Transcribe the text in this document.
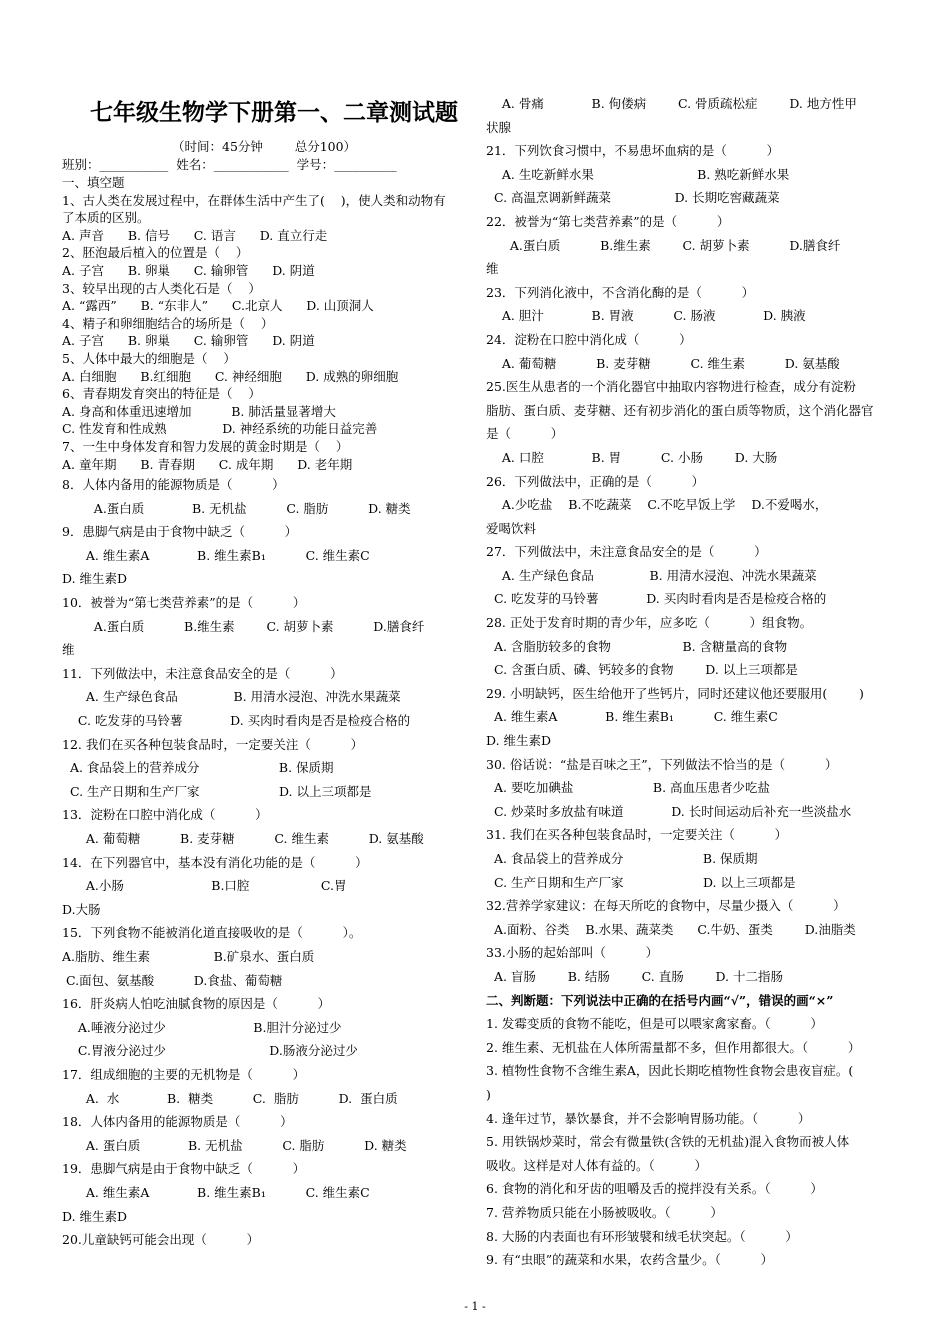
七年级生物学下册第一、二章测试题
（时间：45分钟        总分100）
班别：___________  姓名：____________  学号：__________
一、填空题
1、古人类在发展过程中，在群体生活中产生了(    )，使人类和动物有
了本质的区别。
A. 声音      B. 信号      C. 语言      D. 直立行走
2、胚泡最后植入的位置是（    ）
A. 子宫      B. 卵巢      C. 输卵管      D. 阴道
3、较早出现的古人类化石是（    ）
A. “露西”      B. “东非人”      C.北京人      D. 山顶洞人
4、精子和卵细胞结合的场所是（    ）
A. 子宫      B. 卵巢      C. 输卵管      D. 阴道
5、人体中最大的细胞是（    ）
A. 白细胞      B.红细胞      C. 神经细胞      D. 成熟的卵细胞
6、青春期发育突出的特征是（    ）
A. 身高和体重迅速增加          B. 肺活量显著增大
C. 性发育和性成熟              D. 神经系统的功能日益完善
7、一生中身体发育和智力发展的黄金时期是（    ）
A. 童年期      B. 青春期      C. 成年期      D. 老年期
8．人体内备用的能源物质是（          ）
A.蛋白质            B. 无机盐          C. 脂肪          D. 糖类
9．患脚气病是由于食物中缺乏（          ）
A. 维生素A            B. 维生素B₁          C. 维生素C
D. 维生素D
10．被誉为“第七类营养素”的是（          ）
A.蛋白质          B.维生素        C. 胡萝卜素          D.膳食纤
维
11．下列做法中，未注意食品安全的是（          ）
A. 生产绿色食品              B. 用清水浸泡、冲洗水果蔬菜
C. 吃发芽的马铃薯            D. 买肉时看肉是否是检疫合格的
12. 我们在买各种包装食品时，一定要关注（          ）
A. 食品袋上的营养成分                    B. 保质期
C. 生产日期和生产厂家                    D. 以上三项都是
13．淀粉在口腔中消化成（          ）
A. 葡萄糖          B. 麦芽糖          C. 维生素          D. 氨基酸
14．在下列器官中，基本没有消化功能的是（          ）
A.小肠                      B.口腔                  C.胃
D.大肠
15．下列食物不能被消化道直接吸收的是（          ）。
A.脂肪、维生素                B.矿泉水、蛋白质
C.面包、氨基酸          D.食盐、葡萄糖
16．肝炎病人怕吃油腻食物的原因是（          ）
A.唾液分泌过少                      B.胆汁分泌过少
C.胃液分泌过少                          D.肠液分泌过少
17．组成细胞的主要的无机物是（          ）
A.  水            B.  糖类          C.  脂肪          D.  蛋白质
18．人体内备用的能源物质是（          ）
A. 蛋白质            B. 无机盐          C. 脂肪          D. 糖类
19．患脚气病是由于食物中缺乏（          ）
A. 维生素A            B. 维生素B₁          C. 维生素C
D. 维生素D
20.儿童缺钙可能会出现（          ）
A. 骨痛            B. 佝偻病        C. 骨质疏松症        D. 地方性甲
状腺
21．下列饮食习惯中，不易患坏血病的是（          ）
A. 生吃新鲜水果                          B. 熟吃新鲜水果
C. 高温烹调新鲜蔬菜                D. 长期吃窖藏蔬菜
22．被誉为“第七类营养素”的是（          ）
A.蛋白质          B.维生素        C. 胡萝卜素          D.膳食纤
维
23．下列消化液中，不含消化酶的是（          ）
A. 胆汁            B. 胃液          C. 肠液            D. 胰液
24．淀粉在口腔中消化成（          ）
A. 葡萄糖          B. 麦芽糖          C. 维生素          D. 氨基酸
25.医生从患者的一个消化器官中抽取内容物进行检查，成分有淀粉
脂肪、蛋白质、麦芽糖、还有初步消化的蛋白质等物质，这个消化器官
是（          ）
A. 口腔            B. 胃          C. 小肠        D. 大肠
26．下列做法中，正确的是（          ）
A.少吃盐    B.不吃蔬菜    C.不吃早饭上学    D.不爱喝水，
爱喝饮料
27．下列做法中，未注意食品安全的是（          ）
A. 生产绿色食品              B. 用清水浸泡、冲洗水果蔬菜
C. 吃发芽的马铃薯            D. 买肉时看肉是否是检疫合格的
28. 正处于发育时期的青少年，应多吃（          ）组食物。
A. 含脂肪较多的食物                  B. 含糖量高的食物
C. 含蛋白质、磷、钙较多的食物        D. 以上三项都是
29. 小明缺钙，医生给他开了些钙片，同时还建议他还要服用(        )
A. 维生素A            B. 维生素B₁          C. 维生素C
D. 维生素D
30. 俗话说：“盐是百味之王”，下列做法不恰当的是（          ）
A. 要吃加碘盐                    B. 高血压患者少吃盐
C. 炒菜时多放盐有味道            D. 长时间运动后补充一些淡盐水
31. 我们在买各种包装食品时，一定要关注（          ）
A. 食品袋上的营养成分                    B. 保质期
C. 生产日期和生产厂家                    D. 以上三项都是
32.营养学家建议：在每天所吃的食物中，尽量少摄入（          ）
A.面粉、谷类    B.水果、蔬菜类      C.牛奶、蛋类        D.油脂类
33.小肠的起始部叫（          ）
A. 盲肠        B. 结肠        C. 直肠        D. 十二指肠
二、判断题：下列说法中正确的在括号内画“√”，错误的画“×”
1. 发霉变质的食物不能吃，但是可以喂家禽家畜。（          ）
2. 维生素、无机盐在人体所需量都不多，但作用都很大。（          ）
3. 植物性食物不含维生素A，因此长期吃植物性食物会患夜盲症。(
)
4. 逢年过节，暴饮暴食，并不会影响胃肠功能。（          ）
5. 用铁锅炒菜时，常会有微量铁(含铁的无机盐)混入食物而被人体
吸收。这样是对人体有益的。（          ）
6. 食物的消化和牙齿的咀嚼及舌的搅拌没有关系。（          ）
7. 营养物质只能在小肠被吸收。（          ）
8. 大肠的内表面也有环形皱襞和绒毛状突起。（          ）
9. 有“虫眼”的蔬菜和水果，农药含量少。（          ）
- 1 -
